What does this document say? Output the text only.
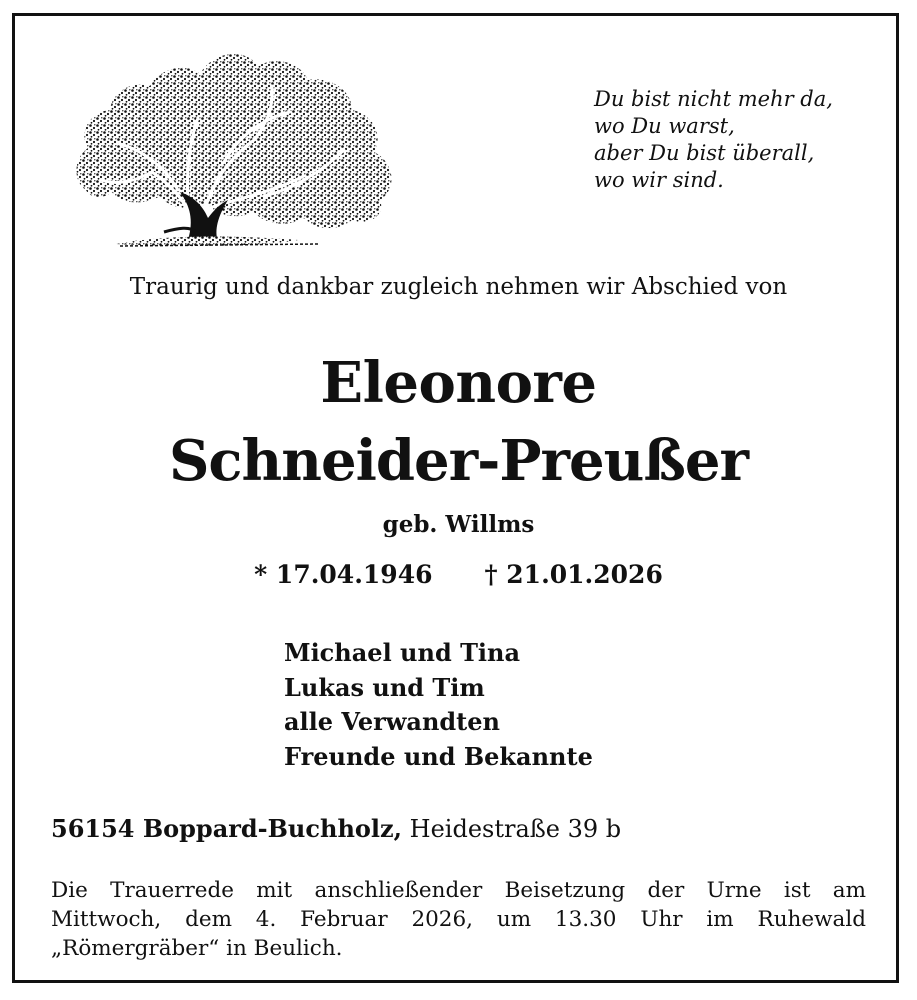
Du bist nicht mehr da,
wo Du warst,
aber Du bist überall,
wo wir sind.

Traurig und dankbar zugleich nehmen wir Abschied von

Eleonore
Schneider-Preußer

geb. Willms

* 17.04.1946 † 21.01.2026

Michael und Tina
Lukas und Tim
alle Verwandten
Freunde und Bekannte

56154 Boppard-Buchholz, Heidestraße 39 b

Die Trauerrede mit anschließender Beisetzung der Urne ist am
Mittwoch, dem 4. Februar 2026, um 13.30 Uhr im Ruhewald
„Römergräber“ in Beulich.
